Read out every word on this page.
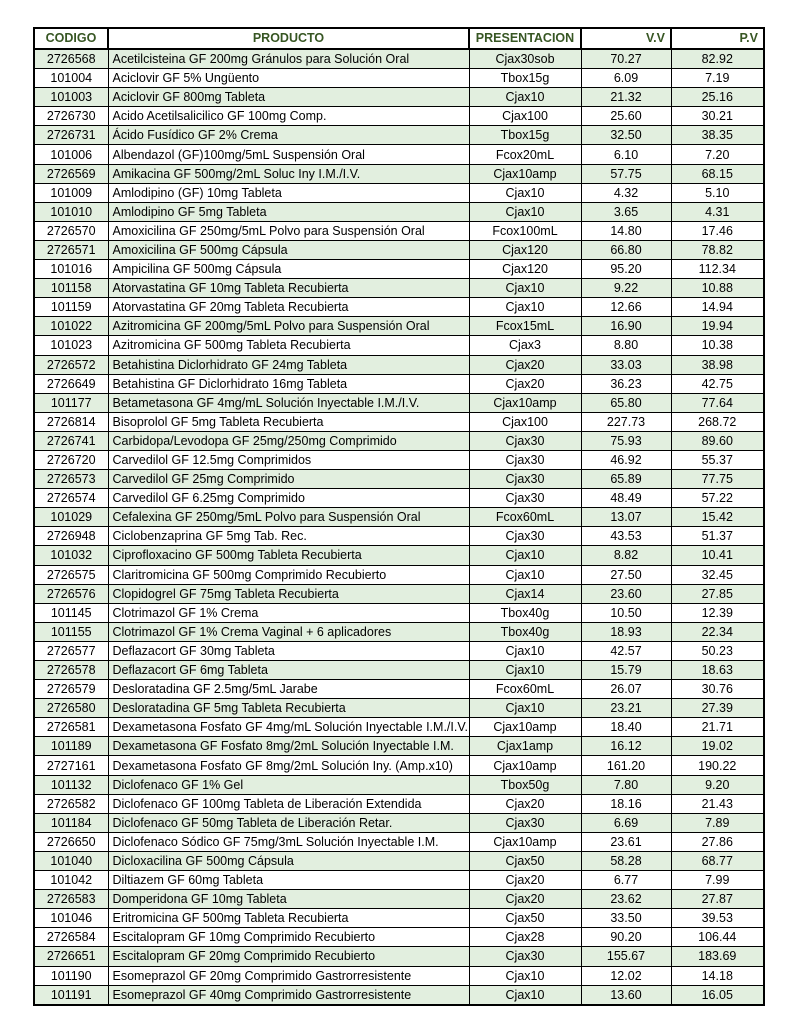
CODIGO	PRODUCTO	PRESENTACION	V.V	P.V
2726568	Acetilcisteina GF 200mg Gránulos para Solución Oral	Cjax30sob	70.27	82.92
101004	Aciclovir GF 5% Ungüento	Tbox15g	6.09	7.19
101003	Aciclovir GF 800mg Tableta	Cjax10	21.32	25.16
2726730	Acido Acetilsalicilico GF 100mg Comp.	Cjax100	25.60	30.21
2726731	Ácido Fusídico GF 2% Crema	Tbox15g	32.50	38.35
101006	Albendazol (GF)100mg/5mL Suspensión Oral	Fcox20mL	6.10	7.20
2726569	Amikacina GF 500mg/2mL Soluc Iny I.M./I.V.	Cjax10amp	57.75	68.15
101009	Amlodipino (GF) 10mg Tableta	Cjax10	4.32	5.10
101010	Amlodipino GF 5mg Tableta	Cjax10	3.65	4.31
2726570	Amoxicilina GF 250mg/5mL Polvo para Suspensión Oral	Fcox100mL	14.80	17.46
2726571	Amoxicilina GF 500mg Cápsula	Cjax120	66.80	78.82
101016	Ampicilina GF 500mg Cápsula	Cjax120	95.20	112.34
101158	Atorvastatina GF 10mg Tableta Recubierta	Cjax10	9.22	10.88
101159	Atorvastatina GF 20mg Tableta Recubierta	Cjax10	12.66	14.94
101022	Azitromicina GF 200mg/5mL Polvo para Suspensión Oral	Fcox15mL	16.90	19.94
101023	Azitromicina GF 500mg Tableta Recubierta	Cjax3	8.80	10.38
2726572	Betahistina Diclorhidrato GF 24mg Tableta	Cjax20	33.03	38.98
2726649	Betahistina GF Diclorhidrato 16mg Tableta	Cjax20	36.23	42.75
101177	Betametasona GF 4mg/mL Solución Inyectable I.M./I.V.	Cjax10amp	65.80	77.64
2726814	Bisoprolol GF 5mg Tableta Recubierta	Cjax100	227.73	268.72
2726741	Carbidopa/Levodopa GF 25mg/250mg Comprimido	Cjax30	75.93	89.60
2726720	Carvedilol GF 12.5mg Comprimidos	Cjax30	46.92	55.37
2726573	Carvedilol GF 25mg Comprimido	Cjax30	65.89	77.75
2726574	Carvedilol GF 6.25mg Comprimido	Cjax30	48.49	57.22
101029	Cefalexina GF 250mg/5mL Polvo para Suspensión Oral	Fcox60mL	13.07	15.42
2726948	Ciclobenzaprina GF 5mg Tab. Rec.	Cjax30	43.53	51.37
101032	Ciprofloxacino GF 500mg Tableta Recubierta	Cjax10	8.82	10.41
2726575	Claritromicina GF 500mg Comprimido Recubierto	Cjax10	27.50	32.45
2726576	Clopidogrel GF 75mg Tableta Recubierta	Cjax14	23.60	27.85
101145	Clotrimazol GF 1% Crema	Tbox40g	10.50	12.39
101155	Clotrimazol GF 1% Crema Vaginal + 6 aplicadores	Tbox40g	18.93	22.34
2726577	Deflazacort GF 30mg Tableta	Cjax10	42.57	50.23
2726578	Deflazacort GF 6mg Tableta	Cjax10	15.79	18.63
2726579	Desloratadina GF 2.5mg/5mL Jarabe	Fcox60mL	26.07	30.76
2726580	Desloratadina GF 5mg Tableta Recubierta	Cjax10	23.21	27.39
2726581	Dexametasona Fosfato GF 4mg/mL Solución Inyectable I.M./I.V.	Cjax10amp	18.40	21.71
101189	Dexametasona GF Fosfato 8mg/2mL Solución Inyectable I.M.	Cjax1amp	16.12	19.02
2727161	Dexametasona Fosfato GF 8mg/2mL Solución Iny. (Amp.x10)	Cjax10amp	161.20	190.22
101132	Diclofenaco GF 1% Gel	Tbox50g	7.80	9.20
2726582	Diclofenaco GF 100mg Tableta de Liberación Extendida	Cjax20	18.16	21.43
101184	Diclofenaco GF 50mg Tableta de Liberación Retar.	Cjax30	6.69	7.89
2726650	Diclofenaco Sódico GF 75mg/3mL Solución Inyectable I.M.	Cjax10amp	23.61	27.86
101040	Dicloxacilina GF 500mg Cápsula	Cjax50	58.28	68.77
101042	Diltiazem GF 60mg Tableta	Cjax20	6.77	7.99
2726583	Domperidona GF 10mg Tableta	Cjax20	23.62	27.87
101046	Eritromicina GF 500mg Tableta Recubierta	Cjax50	33.50	39.53
2726584	Escitalopram GF 10mg Comprimido Recubierto	Cjax28	90.20	106.44
2726651	Escitalopram GF 20mg Comprimido Recubierto	Cjax30	155.67	183.69
101190	Esomeprazol GF 20mg Comprimido Gastrorresistente	Cjax10	12.02	14.18
101191	Esomeprazol GF 40mg Comprimido Gastrorresistente	Cjax10	13.60	16.05
